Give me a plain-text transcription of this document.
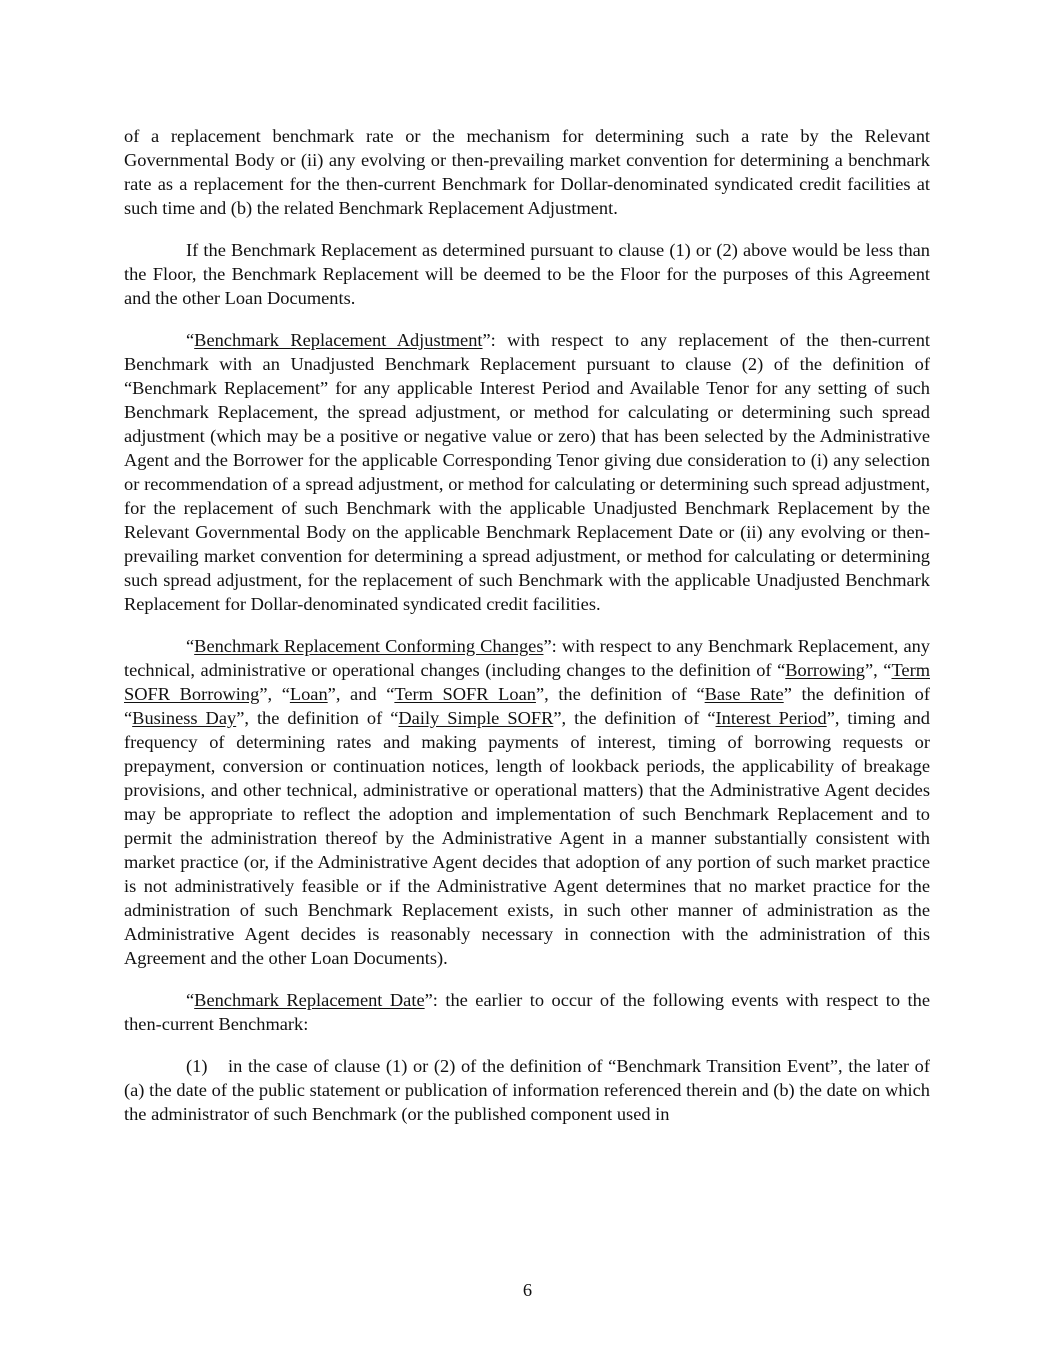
of a replacement benchmark rate or the mechanism for determining such a rate by the Relevant Governmental Body or (ii) any evolving or then-prevailing market convention for determining a benchmark rate as a replacement for the then-current Benchmark for Dollar-denominated syndicated credit facilities at such time and (b) the related Benchmark Replacement Adjustment.

If the Benchmark Replacement as determined pursuant to clause (1) or (2) above would be less than the Floor, the Benchmark Replacement will be deemed to be the Floor for the purposes of this Agreement and the other Loan Documents.

“Benchmark Replacement Adjustment”: with respect to any replacement of the then-current Benchmark with an Unadjusted Benchmark Replacement pursuant to clause (2) of the definition of “Benchmark Replacement” for any applicable Interest Period and Available Tenor for any setting of such Benchmark Replacement, the spread adjustment, or method for calculating or determining such spread adjustment (which may be a positive or negative value or zero) that has been selected by the Administrative Agent and the Borrower for the applicable Corresponding Tenor giving due consideration to (i) any selection or recommendation of a spread adjustment, or method for calculating or determining such spread adjustment, for the replacement of such Benchmark with the applicable Unadjusted Benchmark Replacement by the Relevant Governmental Body on the applicable Benchmark Replacement Date or (ii) any evolving or then-prevailing market convention for determining a spread adjustment, or method for calculating or determining such spread adjustment, for the replacement of such Benchmark with the applicable Unadjusted Benchmark Replacement for Dollar-denominated syndicated credit facilities.

“Benchmark Replacement Conforming Changes”: with respect to any Benchmark Replacement, any technical, administrative or operational changes (including changes to the definition of “Borrowing”, “Term SOFR Borrowing”, “Loan”, and “Term SOFR Loan”, the definition of “Base Rate” the definition of “Business Day”, the definition of “Daily Simple SOFR”, the definition of “Interest Period”, timing and frequency of determining rates and making payments of interest, timing of borrowing requests or prepayment, conversion or continuation notices, length of lookback periods, the applicability of breakage provisions, and other technical, administrative or operational matters) that the Administrative Agent decides may be appropriate to reflect the adoption and implementation of such Benchmark Replacement and to permit the administration thereof by the Administrative Agent in a manner substantially consistent with market practice (or, if the Administrative Agent decides that adoption of any portion of such market practice is not administratively feasible or if the Administrative Agent determines that no market practice for the administration of such Benchmark Replacement exists, in such other manner of administration as the Administrative Agent decides is reasonably necessary in connection with the administration of this Agreement and the other Loan Documents).

“Benchmark Replacement Date”: the earlier to occur of the following events with respect to the then-current Benchmark:

(1) in the case of clause (1) or (2) of the definition of “Benchmark Transition Event”, the later of (a) the date of the public statement or publication of information referenced therein and (b) the date on which the administrator of such Benchmark (or the published component used in

6
